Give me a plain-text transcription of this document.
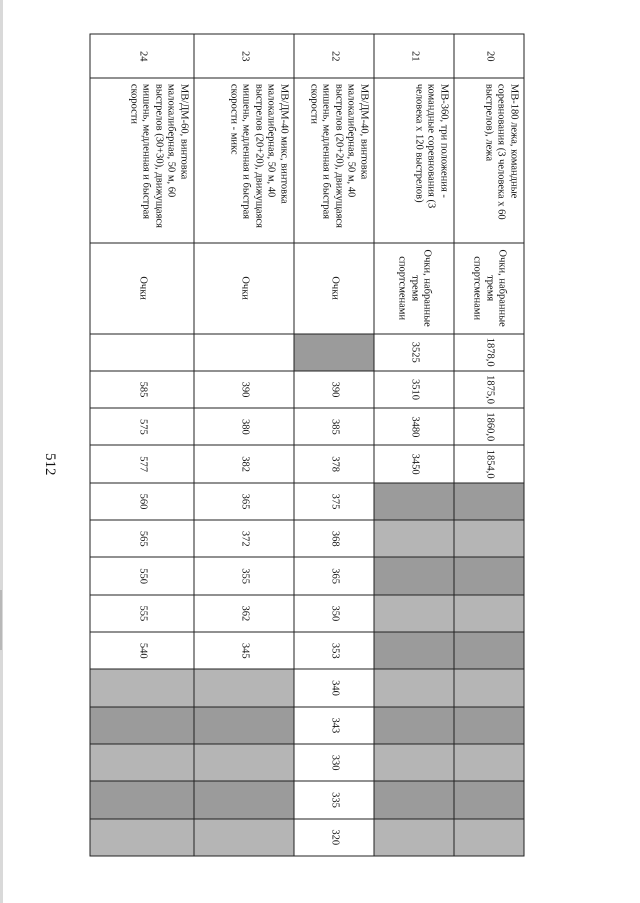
512
20	МВ-180 лежа, командные соревнования (3 человека х 60 выстрелов), лежа	Очки, набранные тремя спортсменами	1878,0	1875,0	1860,0	1854,0										
21	МВ-360, три положения - командные соревнования (3 человека х 120 выстрелов)	Очки, набранные тремя спортсменами	3525	3510	3480	3450										
22	МВ/ДМ-40, винтовка малокалиберная, 50 м, 40 выстрелов (20+20), движущаяся мишень, медленная и быстрая скорости	Очки		390	385	378	375	368	365	350	353	340	343	330	335	320
23	МВ/ДМ-40 микс, винтовка малокалиберная, 50 м, 40 выстрелов (20+20), движущаяся мишень, медленная и быстрая скорости - микс	Очки		390	380	382	365	372	355	362	345					
24	МВ/ДМ-60, винтовка малокалиберная, 50 м, 60 выстрелов (30+30), движущаяся мишень, медленная и быстрая скорости	Очки		585	575	577	560	565	550	555	540					
